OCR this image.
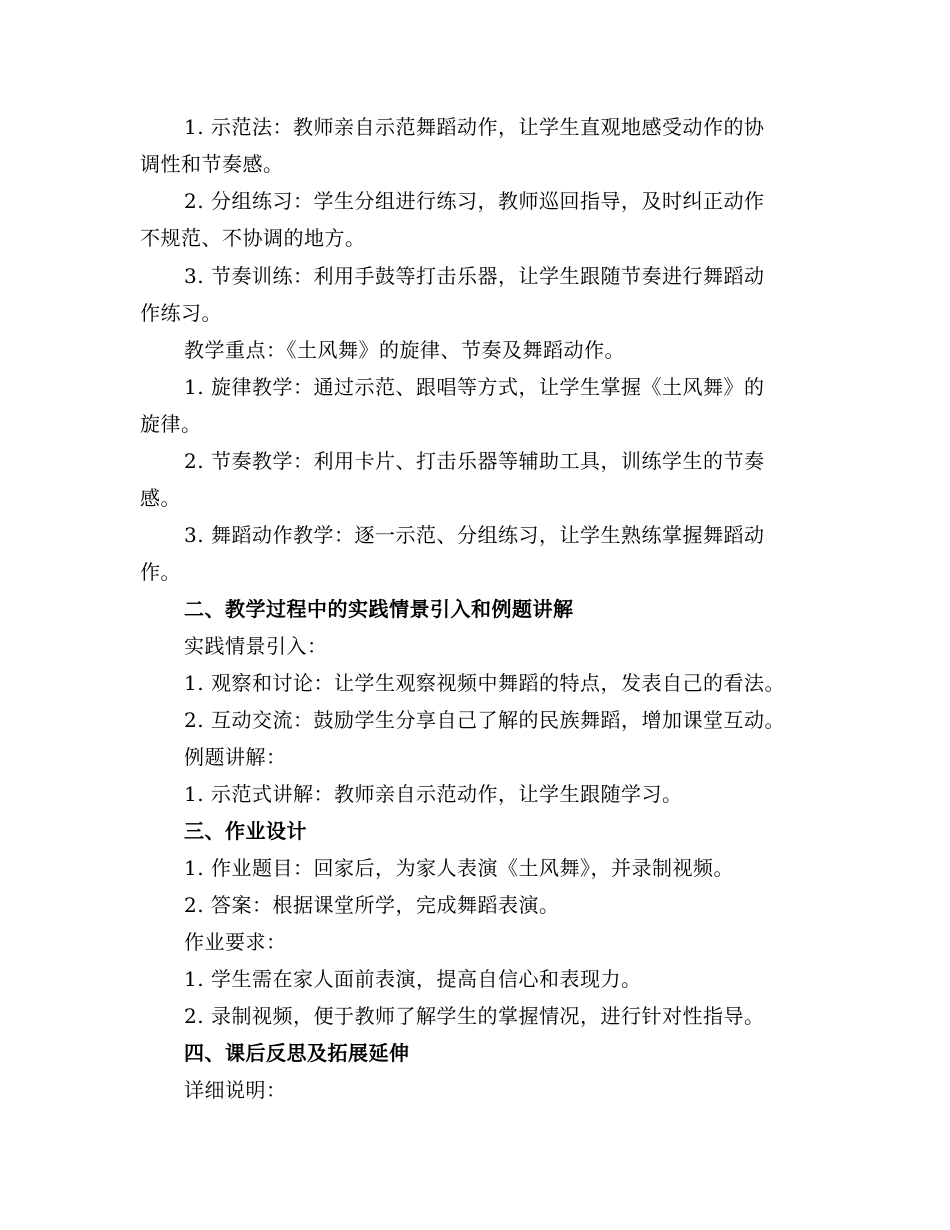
1. 示范法：教师亲自示范舞蹈动作，让学生直观地感受动作的协
调性和节奏感。
2. 分组练习：学生分组进行练习，教师巡回指导，及时纠正动作
不规范、不协调的地方。
3. 节奏训练：利用手鼓等打击乐器，让学生跟随节奏进行舞蹈动
作练习。
教学重点：《土风舞》的旋律、节奏及舞蹈动作。
1. 旋律教学：通过示范、跟唱等方式，让学生掌握《土风舞》的
旋律。
2. 节奏教学：利用卡片、打击乐器等辅助工具，训练学生的节奏
感。
3. 舞蹈动作教学：逐一示范、分组练习，让学生熟练掌握舞蹈动
作。
二、教学过程中的实践情景引入和例题讲解
实践情景引入：
1. 观察和讨论：让学生观察视频中舞蹈的特点，发表自己的看法。
2. 互动交流：鼓励学生分享自己了解的民族舞蹈，增加课堂互动。
例题讲解：
1. 示范式讲解：教师亲自示范动作，让学生跟随学习。
三、作业设计
1. 作业题目：回家后，为家人表演《土风舞》，并录制视频。
2. 答案：根据课堂所学，完成舞蹈表演。
作业要求：
1. 学生需在家人面前表演，提高自信心和表现力。
2. 录制视频，便于教师了解学生的掌握情况，进行针对性指导。
四、课后反思及拓展延伸
详细说明：
